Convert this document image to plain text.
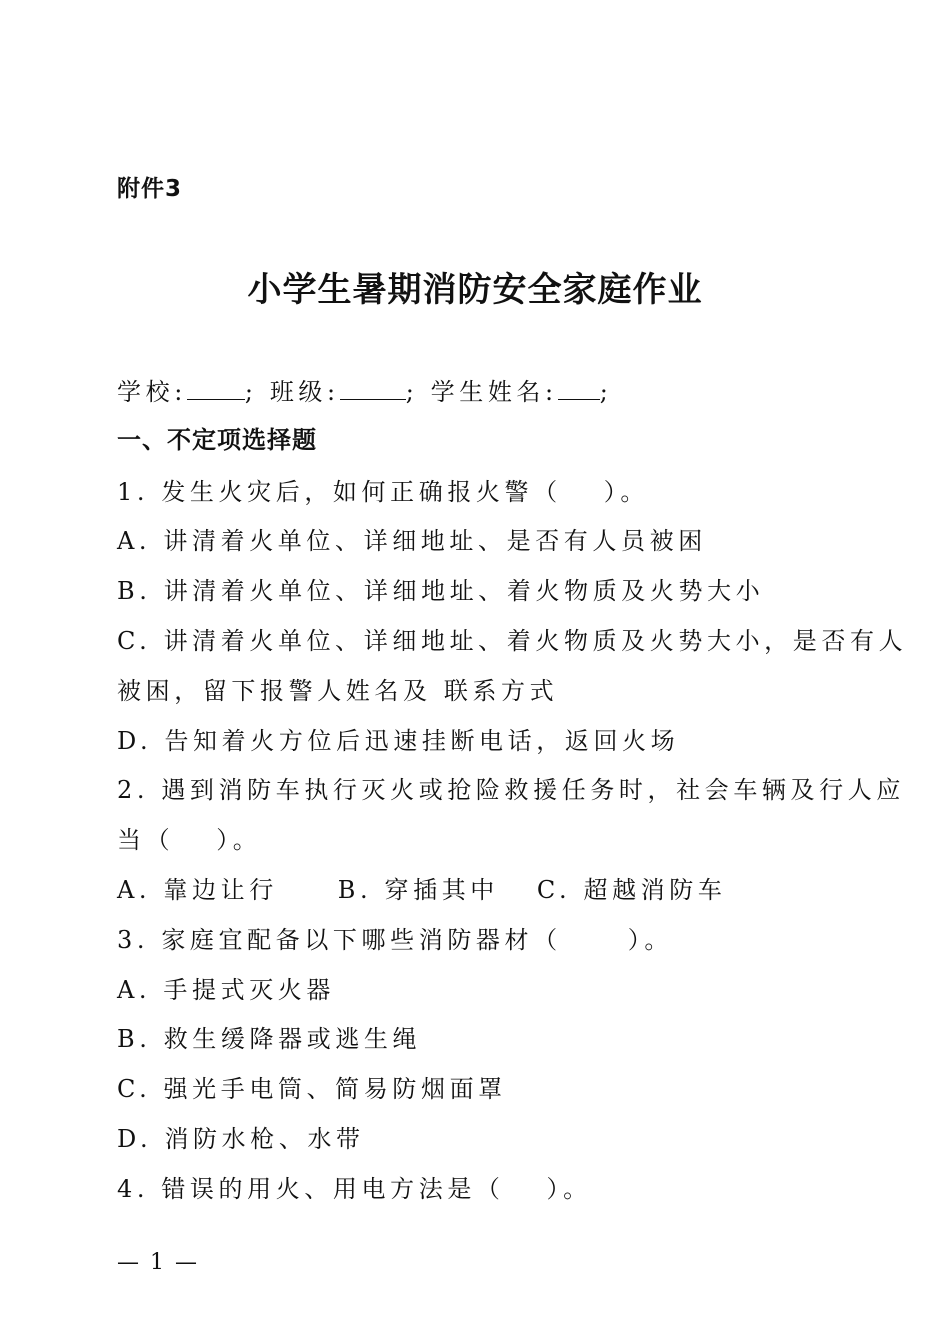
附件3
小学生暑期消防安全家庭作业
学校: ; 班级:	; 学生姓名: ;
一、不定项选择题
1. 发生火灾后，如何正确报火警（ ）。
A. 讲清着火单位、详细地址、是否有人员被困
B. 讲清着火单位、详细地址、着火物质及火势大小
C. 讲清着火单位、详细地址、着火物质及火势大小，是否有人
被困，留下报警人姓名及 联系方式
D. 告知着火方位后迅速挂断电话，返回火场
2. 遇到消防车执行灭火或抢险救援任务时，社会车辆及行人应
当（ ）。
A. 靠边让行	B. 穿插其中 C. 超越消防车
3. 家庭宜配备以下哪些消防器材（	）。
A. 手提式灭火器
B. 救生缓降器或逃生绳
C. 强光手电筒、简易防烟面罩
D. 消防水枪、水带
4. 错误的用火、用电方法是（ ）。
— 1 —
